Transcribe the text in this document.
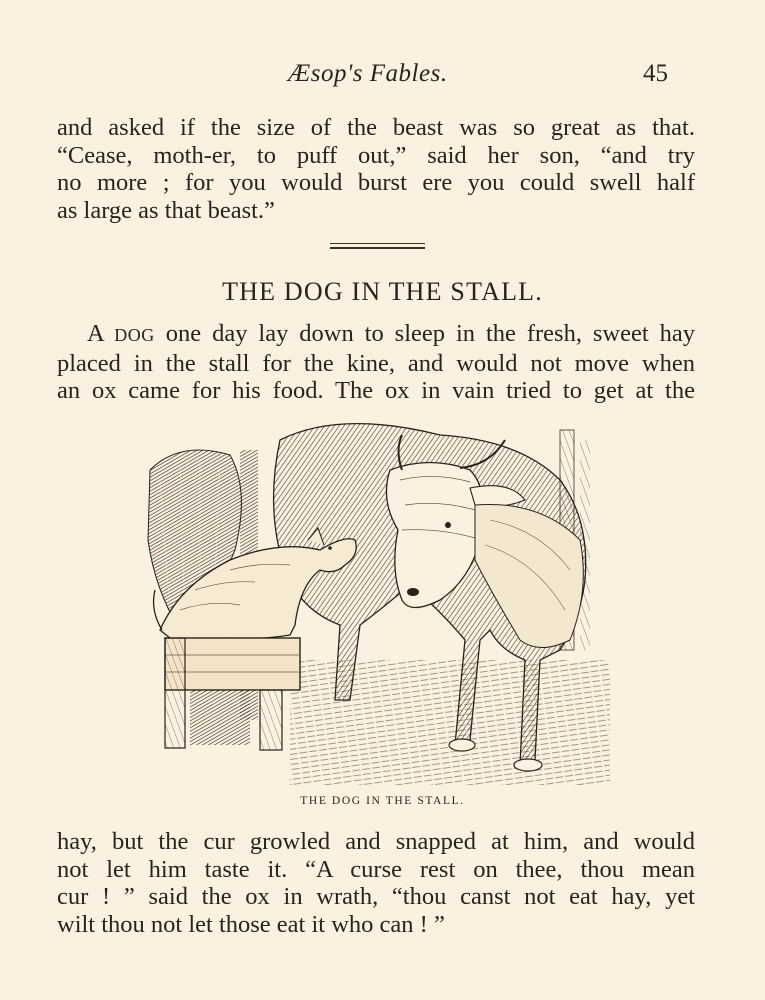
Æsop's Fables.	45
and asked if the size of the beast was so great as that.
“Cease, moth-er, to puff out,” said her son, “and try
no more ; for you would burst ere you could swell half
as large as that beast.”
THE DOG IN THE STALL.
A DOG one day lay down to sleep in the fresh, sweet hay
placed in the stall for the kine, and would not move when
an ox came for his food. The ox in vain tried to get at the
THE DOG IN THE STALL.
hay, but the cur growled and snapped at him, and would
not let him taste it. “A curse rest on thee, thou mean
cur ! ” said the ox in wrath, “thou canst not eat hay, yet
wilt thou not let those eat it who can ! ”
